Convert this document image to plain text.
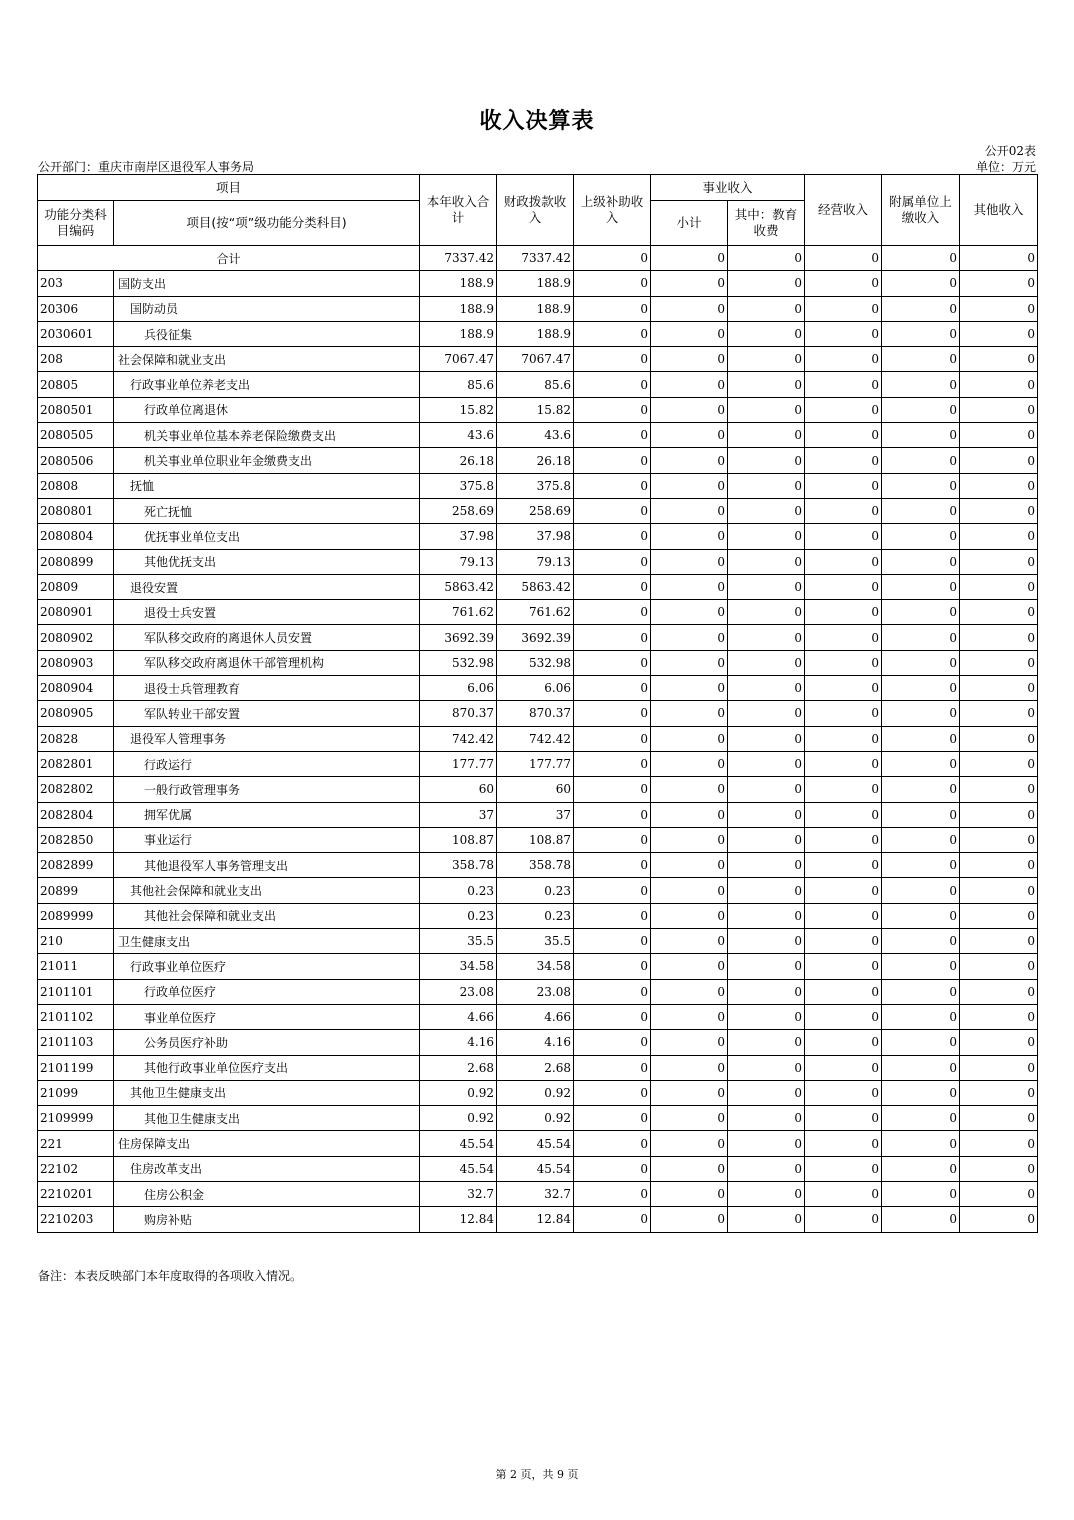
收入决算表
公开02表
公开部门：重庆市南岸区退役军人事务局	单位：万元
项目		本年收入合计	财政拨款收入	上级补助收入	事业收入		经营收入	附属单位上缴收入	其他收入
功能分类科目编码	项目(按“项”级功能分类科目)				小计	其中：教育收费			

合计		7337.42	7337.42	0	0	0	0	0	0
203	国防支出	188.9	188.9	0	0	0	0	0	0
20306	国防动员	188.9	188.9	0	0	0	0	0	0
2030601	兵役征集	188.9	188.9	0	0	0	0	0	0
208	社会保障和就业支出	7067.47	7067.47	0	0	0	0	0	0
20805	行政事业单位养老支出	85.6	85.6	0	0	0	0	0	0
2080501	行政单位离退休	15.82	15.82	0	0	0	0	0	0
2080505	机关事业单位基本养老保险缴费支出	43.6	43.6	0	0	0	0	0	0
2080506	机关事业单位职业年金缴费支出	26.18	26.18	0	0	0	0	0	0
20808	抚恤	375.8	375.8	0	0	0	0	0	0
2080801	死亡抚恤	258.69	258.69	0	0	0	0	0	0
2080804	优抚事业单位支出	37.98	37.98	0	0	0	0	0	0
2080899	其他优抚支出	79.13	79.13	0	0	0	0	0	0
20809	退役安置	5863.42	5863.42	0	0	0	0	0	0
2080901	退役士兵安置	761.62	761.62	0	0	0	0	0	0
2080902	军队移交政府的离退休人员安置	3692.39	3692.39	0	0	0	0	0	0
2080903	军队移交政府离退休干部管理机构	532.98	532.98	0	0	0	0	0	0
2080904	退役士兵管理教育	6.06	6.06	0	0	0	0	0	0
2080905	军队转业干部安置	870.37	870.37	0	0	0	0	0	0
20828	退役军人管理事务	742.42	742.42	0	0	0	0	0	0
2082801	行政运行	177.77	177.77	0	0	0	0	0	0
2082802	一般行政管理事务	60	60	0	0	0	0	0	0
2082804	拥军优属	37	37	0	0	0	0	0	0
2082850	事业运行	108.87	108.87	0	0	0	0	0	0
2082899	其他退役军人事务管理支出	358.78	358.78	0	0	0	0	0	0
20899	其他社会保障和就业支出	0.23	0.23	0	0	0	0	0	0
2089999	其他社会保障和就业支出	0.23	0.23	0	0	0	0	0	0
210	卫生健康支出	35.5	35.5	0	0	0	0	0	0
21011	行政事业单位医疗	34.58	34.58	0	0	0	0	0	0
2101101	行政单位医疗	23.08	23.08	0	0	0	0	0	0
2101102	事业单位医疗	4.66	4.66	0	0	0	0	0	0
2101103	公务员医疗补助	4.16	4.16	0	0	0	0	0	0
2101199	其他行政事业单位医疗支出	2.68	2.68	0	0	0	0	0	0
21099	其他卫生健康支出	0.92	0.92	0	0	0	0	0	0
2109999	其他卫生健康支出	0.92	0.92	0	0	0	0	0	0
221	住房保障支出	45.54	45.54	0	0	0	0	0	0
22102	住房改革支出	45.54	45.54	0	0	0	0	0	0
2210201	住房公积金	32.7	32.7	0	0	0	0	0	0
2210203	购房补贴	12.84	12.84	0	0	0	0	0	0
备注：本表反映部门本年度取得的各项收入情况。
第 2 页，共 9 页
